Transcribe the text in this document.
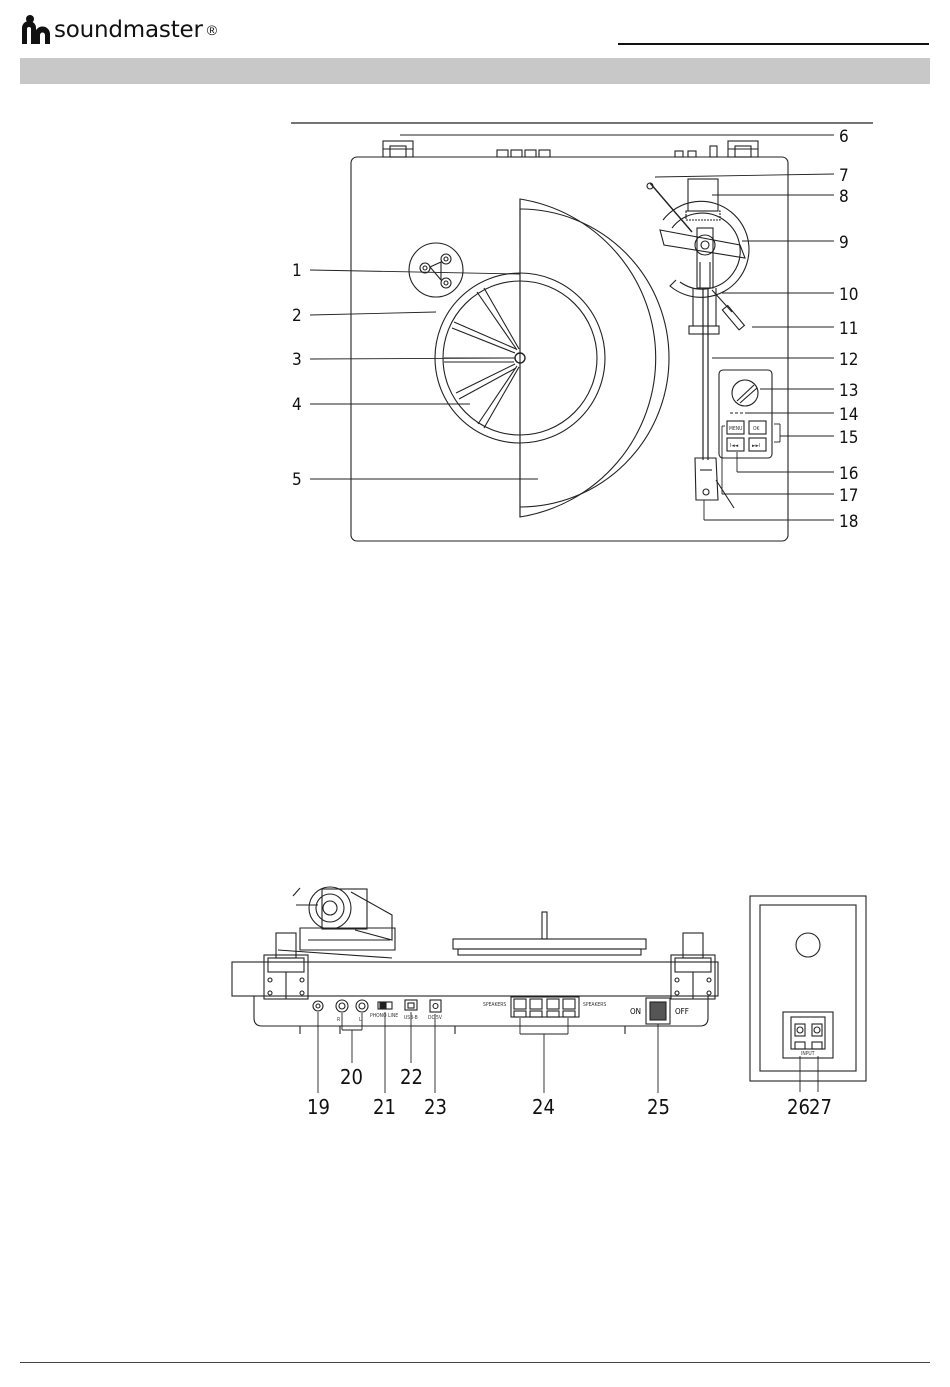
soundmaster ®
MENU OK
I◄◄	►►I
1
2
3
4
5
6
7
8
9
10
11
12
13
14
15
16
17
18
R	L
PHONO LINE USB-B DC 5V
SPEAKERS	SPEAKERS
ON	OFF
INPUT
19
20
21
22
23	24	25	26 27
